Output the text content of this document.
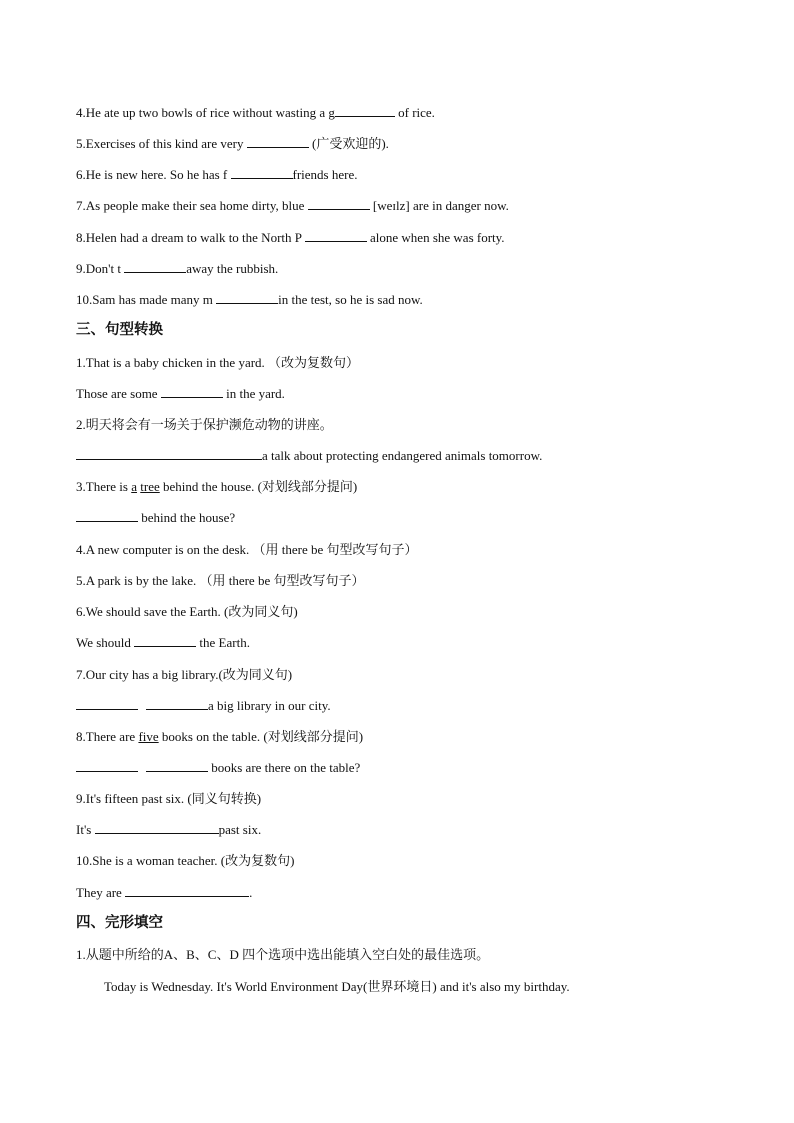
4.He ate up two bowls of rice without wasting a g	of rice.
5.Exercises of this kind are very	(广受欢迎的).
6.He is new here. So he has f	friends here.
7.As people make their sea home dirty, blue	[weɪlz] are in danger now.
8.Helen had a dream to walk to the North P	alone when she was forty.
9.Don't t	away the rubbish.
10.Sam has made many m	in the test, so he is sad now.
三、句型转换
1.That is a baby chicken in the yard. （改为复数句）
Those are some	in the yard.
2.明天将会有一场关于保护濒危动物的讲座。
a talk about protecting endangered animals tomorrow.
3.There is a tree behind the house. (对划线部分提问)
behind the house?
4.A new computer is on the desk. （用 there be 句型改写句子）
5.A park is by the lake. （用 there be 句型改写句子）
6.We should save the Earth. (改为同义句)
We should	the Earth.
7.Our city has a big library.(改为同义句)
a big library in our city.
8.There are five books on the table. (对划线部分提问)
books are there on the table?
9.It's fifteen past six. (同义句转换)
It's	past six.
10.She is a woman teacher. (改为复数句)
They are	.
四、完形填空
1.从题中所给的A、B、C、D 四个选项中选出能填入空白处的最佳选项。
Today is Wednesday. It's World Environment Day(世界环境日) and it's also my birthday.
